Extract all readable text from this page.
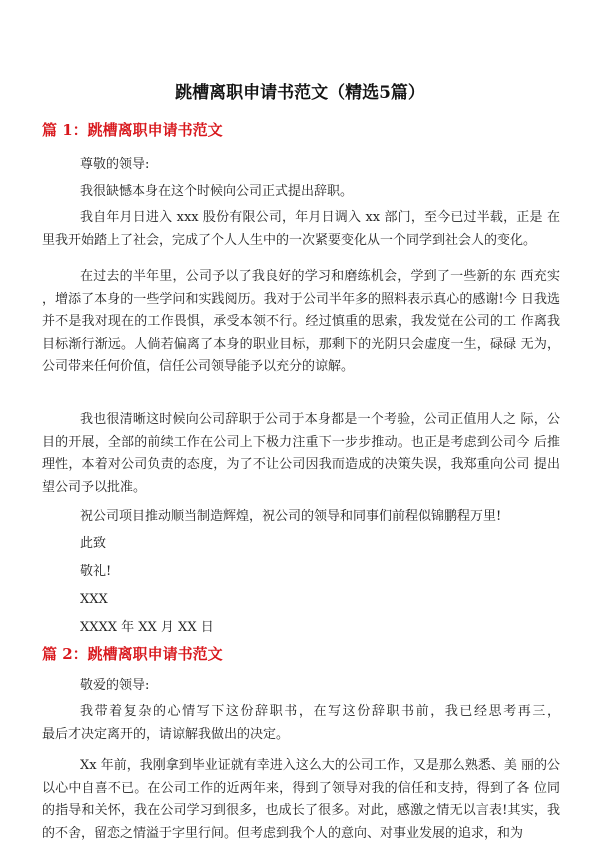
跳槽离职申请书范文（精选5篇）
篇 1：跳槽离职申请书范文
尊敬的领导:
我很缺憾本身在这个时候向公司正式提出辞职。
我自年月日进入 xxx 股份有限公司，年月日调入 xx 部门，至今已过半载，正是 在
里我开始踏上了社会，完成了个人人生中的一次紧要变化从一个同学到社会人的变化。
在过去的半年里，公司予以了我良好的学习和磨练机会，学到了一些新的东 西充实
，增添了本身的一些学问和实践阅历。我对于公司半年多的照料表示真心的感谢!今 日我选
并不是我对现在的工作畏惧，承受本领不行。经过慎重的思索，我发觉在公司的工 作离我
目标渐行渐远。人倘若偏离了本身的职业目标，那剩下的光阴只会虚度一生，碌碌 无为，
公司带来任何价值，信任公司领导能予以充分的谅解。
我也很清晰这时候向公司辞职于公司于本身都是一个考验，公司正值用人之 际，公
目的开展，全部的前续工作在公司上下极力注重下一步步推动。也正是考虑到公司今 后推
理性，本着对公司负责的态度，为了不让公司因我而造成的决策失误，我郑重向公司 提出
望公司予以批准。
祝公司项目推动顺当制造辉煌，祝公司的领导和同事们前程似锦鹏程万里!
此致
敬礼!
XXX
XXXX 年 XX 月 XX 日
篇 2：跳槽离职申请书范文
敬爱的领导:
我带着复杂的心情写下这份辞职书，在写这份辞职书前，我已经思考再三，
最后才决定离开的，请谅解我做出的决定。
Xx 年前，我刚拿到毕业证就有幸进入这么大的公司工作，又是那么熟悉、美 丽的公
以心中自喜不已。在公司工作的近两年来，得到了领导对我的信任和支持，得到了各 位同
的指导和关怀，我在公司学习到很多，也成长了很多。对此，感激之情无以言表!其实，我
的不舍，留恋之情溢于字里行间。但考虑到我个人的意向、对事业发展的追求，和为
